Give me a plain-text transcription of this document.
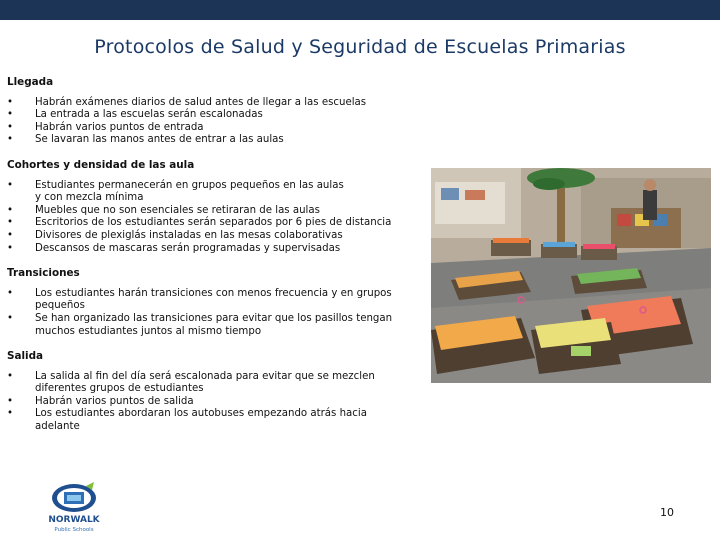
Protocolos de Salud y Seguridad de Escuelas Primarias
Llegada
• Habrán exámenes diarios de salud antes de llegar a las escuelas
• La entrada a las escuelas serán escalonadas
• Habrán varios puntos de entrada
• Se lavaran las manos antes de entrar a las aulas
Cohortes y densidad de las aula
• Estudiantes permanecerán en grupos pequeños en las aulas y con mezcla mínima
• Muebles que no son esenciales se retiraran de las aulas
• Escritorios de los estudiantes serán separados por 6 pies de distancia
• Divisores de plexiglás instaladas en las mesas colaborativas
• Descansos de mascaras serán programadas y supervisadas
Transiciones
• Los estudiantes harán transiciones con menos frecuencia y en grupos pequeños
• Se han organizado las transiciones para evitar que los pasillos tengan muchos estudiantes juntos al mismo tiempo
Salida
• La salida al fin del día será escalonada para evitar que se mezclen diferentes grupos de estudiantes
• Habrán varios puntos de salida
• Los estudiantes abordaran los autobuses empezando atrás hacia adelante
NORWALK
Public Schools
10
